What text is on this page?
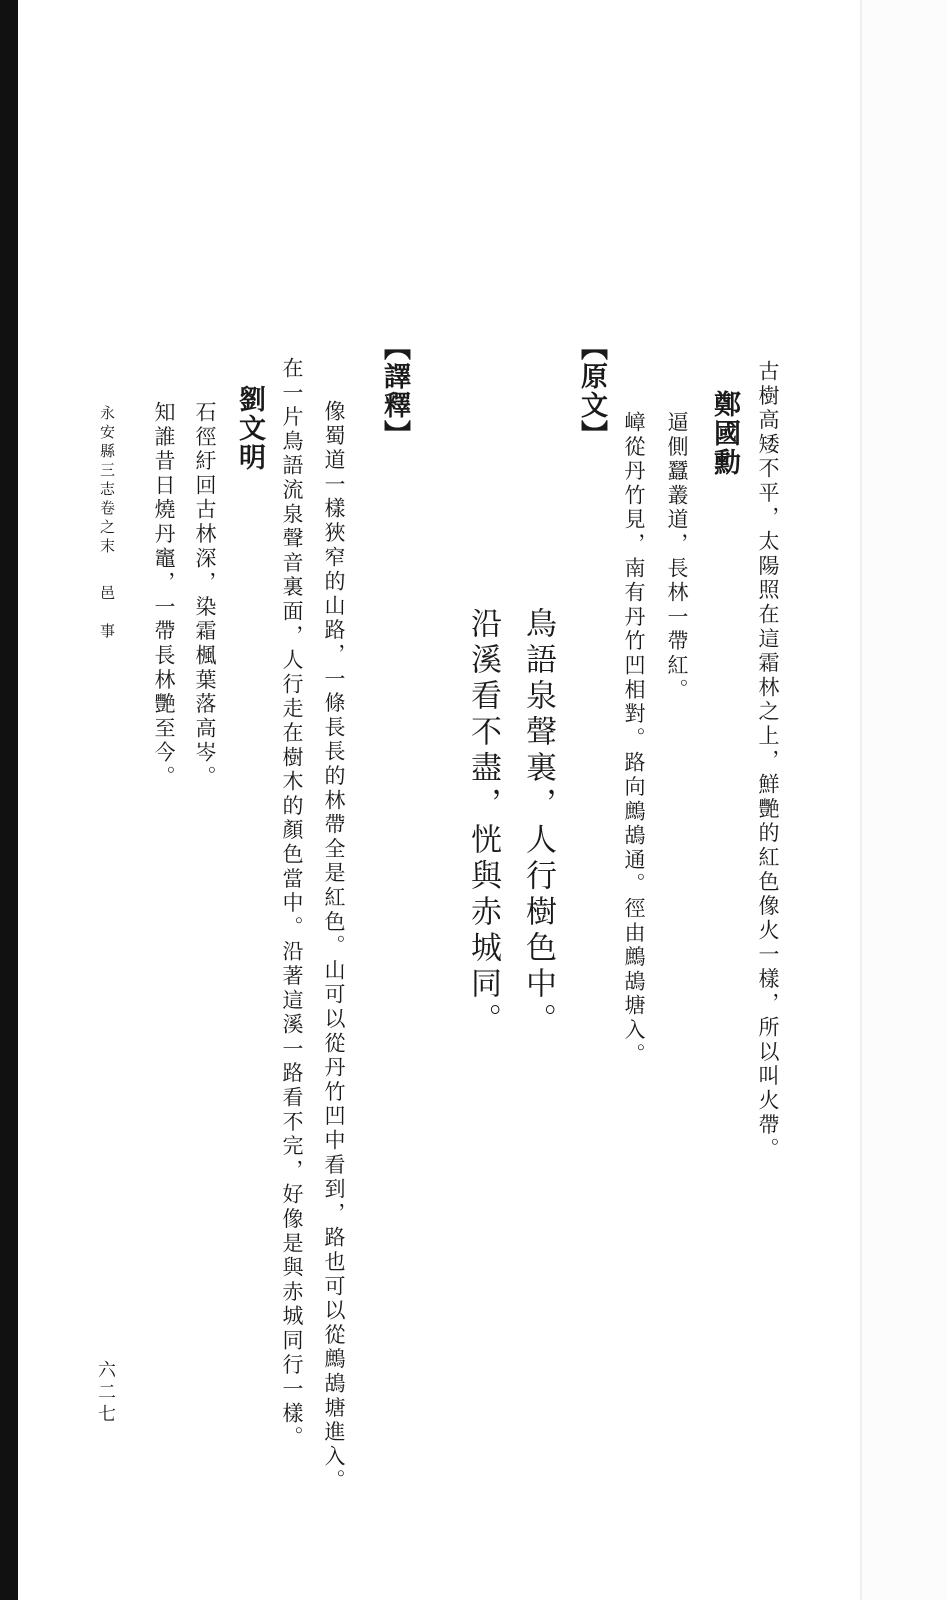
古樹高矮不平，太陽照在這霜林之上，鮮艷的紅色像火一樣，所以叫火帶。
鄭國勳
逼側蠶叢道，長林一帶紅。
嶂從丹竹見，南有丹竹凹相對。路向鷓鴣通。徑由鷓鴣塘入。
【原文】
鳥語泉聲裏，人行樹色中。
沿溪看不盡，恍與赤城同。
【譯釋】
像蜀道一樣狹窄的山路，一條長長的林帶全是紅色。山可以從丹竹凹中看到，路也可以從鷓鴣塘進入。
在一片鳥語流泉聲音裏面，人行走在樹木的顏色當中。沿著這溪一路看不完，好像是與赤城同行一樣。
劉文明
石徑紆回古林深，染霜楓葉落高岑。
知誰昔日燒丹竈，一帶長林艷至今。
永安縣三志卷之末
邑　事
六二七
